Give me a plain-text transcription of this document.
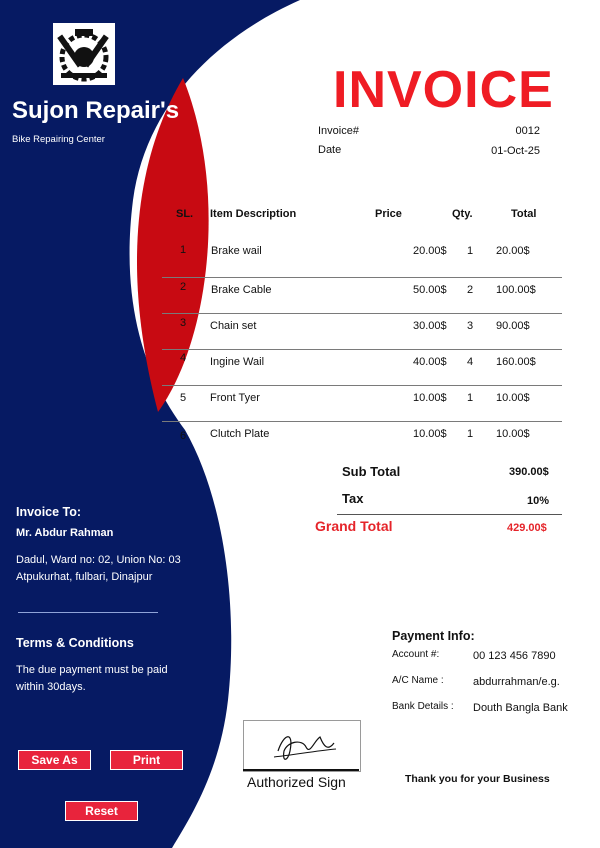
Sujon Repair's
Bike Repairing Center
INVOICE
Invoice#	0012
Date	01-Oct-25
SL. Item Description	Price	Qty.	Total
1 Brake wail	20.00$ 1 20.00$
2 Brake Cable	50.00$ 2 100.00$
3 Chain set	30.00$ 3 90.00$
4 Ingine Wail	40.00$ 4 160.00$
5 Front Tyer	10.00$ 1 10.00$
6 Clutch Plate	10.00$ 1 10.00$
Sub Total	390.00$
Tax	10%
Grand Total	429.00$
Invoice To:
Mr. Abdur Rahman
Dadul, Ward no: 02, Union No: 03
Atpukurhat, fulbari, Dinajpur
Terms & Conditions
The due payment must be paid
within 30days.
Save As	Print
Reset
Payment Info:
Account #:	00 123 456 7890
A/C Name :	abdurrahman/e.g.
Bank Details : Douth Bangla Bank
Authorized Sign	Thank you for your Business
